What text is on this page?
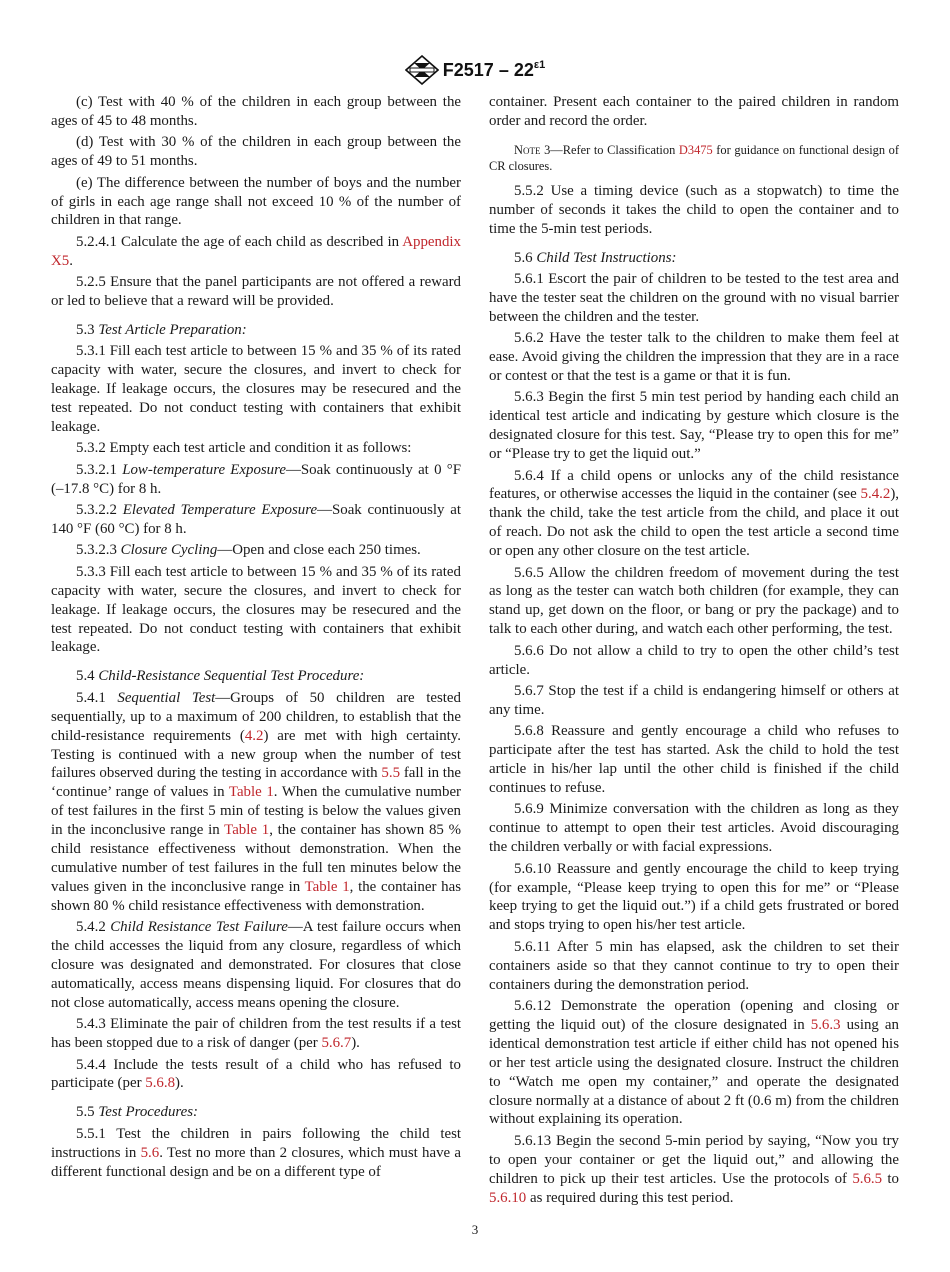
$F2517 - 22^{\varepsilon 1}$

(c) Test with 40 % of the children in each group between the ages of 45 to 48 months.

(d) Test with 30 % of the children in each group between the ages of 49 to 51 months.

(e) The difference between the number of boys and the number of girls in each age range shall not exceed 10 % of the number of children in that range.

5.2.4.1 Calculate the age of each child as described in Appendix X5.

5.2.5 Ensure that the panel participants are not offered a reward or led to believe that a reward will be provided.

5.3 Test Article Preparation:

5.3.1 Fill each test article to between 15 % and 35 % of its rated capacity with water, secure the closures, and invert to check for leakage. If leakage occurs, the closures may be resecured and the test repeated. Do not conduct testing with containers that exhibit leakage.

5.3.2 Empty each test article and condition it as follows:

5.3.2.1 Low-temperature Exposure—Soak continuously at 0 °F (–17.8 °C) for 8 h.

5.3.2.2 Elevated Temperature Exposure—Soak continuously at 140 °F (60 °C) for 8 h.

5.3.2.3 Closure Cycling—Open and close each 250 times.

5.3.3 Fill each test article to between 15 % and 35 % of its rated capacity with water, secure the closures, and invert to check for leakage. If leakage occurs, the closures may be resecured and the test repeated. Do not conduct testing with containers that exhibit leakage.

5.4 Child-Resistance Sequential Test Procedure:

5.4.1 Sequential Test—Groups of 50 children are tested sequentially, up to a maximum of 200 children, to establish that the child-resistance requirements (4.2) are met with high certainty. Testing is continued with a new group when the number of test failures observed during the testing in accordance with 5.5 fall in the ‘continue’ range of values in Table 1. When the cumulative number of test failures in the first 5 min of testing is below the values given in the inconclusive range in Table 1, the container has shown 85 % child resistance effectiveness without demonstration. When the cumulative number of test failures in the full ten minutes below the values given in the inconclusive range in Table 1, the container has shown 80 % child resistance effectiveness with demonstration.

5.4.2 Child Resistance Test Failure—A test failure occurs when the child accesses the liquid from any closure, regardless of which closure was designated and demonstrated. For closures that close automatically, access means dispensing liquid. For closures that do not close automatically, access means opening the closure.

5.4.3 Eliminate the pair of children from the test results if a test has been stopped due to a risk of danger (per 5.6.7).

5.4.4 Include the tests result of a child who has refused to participate (per 5.6.8).

5.5 Test Procedures:

5.5.1 Test the children in pairs following the child test instructions in 5.6. Test no more than 2 closures, which must have a different functional design and be on a different type of

container. Present each container to the paired children in random order and record the order.

Note 3—Refer to Classification D3475 for guidance on functional design of CR closures.

5.5.2 Use a timing device (such as a stopwatch) to time the number of seconds it takes the child to open the container and to time the 5-min test periods.

5.6 Child Test Instructions:

5.6.1 Escort the pair of children to be tested to the test area and have the tester seat the children on the ground with no visual barrier between the children and the tester.

5.6.2 Have the tester talk to the children to make them feel at ease. Avoid giving the children the impression that they are in a race or contest or that the test is a game or that it is fun.

5.6.3 Begin the first 5 min test period by handing each child an identical test article and indicating by gesture which closure is the designated closure for this test. Say, “Please try to open this for me” or “Please try to get the liquid out.”

5.6.4 If a child opens or unlocks any of the child resistance features, or otherwise accesses the liquid in the container (see 5.4.2), thank the child, take the test article from the child, and place it out of reach. Do not ask the child to open the test article a second time or open any other closure on the test article.

5.6.5 Allow the children freedom of movement during the test as long as the tester can watch both children (for example, they can stand up, get down on the floor, or bang or pry the package) and to talk to each other during, and watch each other performing, the test.

5.6.6 Do not allow a child to try to open the other child’s test article.

5.6.7 Stop the test if a child is endangering himself or others at any time.

5.6.8 Reassure and gently encourage a child who refuses to participate after the test has started. Ask the child to hold the test article in his/her lap until the other child is finished if the child continues to refuse.

5.6.9 Minimize conversation with the children as long as they continue to attempt to open their test articles. Avoid discouraging the children verbally or with facial expressions.

5.6.10 Reassure and gently encourage the child to keep trying (for example, “Please keep trying to open this for me” or “Please keep trying to get the liquid out.”) if a child gets frustrated or bored and stops trying to open his/her test article.

5.6.11 After 5 min has elapsed, ask the children to set their containers aside so that they cannot continue to try to open their containers during the demonstration period.

5.6.12 Demonstrate the operation (opening and closing or getting the liquid out) of the closure designated in 5.6.3 using an identical demonstration test article if either child has not opened his or her test article using the designated closure. Instruct the children to “Watch me open my container,” and operate the designated closure normally at a distance of about 2 ft (0.6 m) from the children without explaining its operation.

5.6.13 Begin the second 5-min period by saying, “Now you try to open your container or get the liquid out,” and allowing the children to pick up their test articles. Use the protocols of 5.6.5 to 5.6.10 as required during this test period.

3
